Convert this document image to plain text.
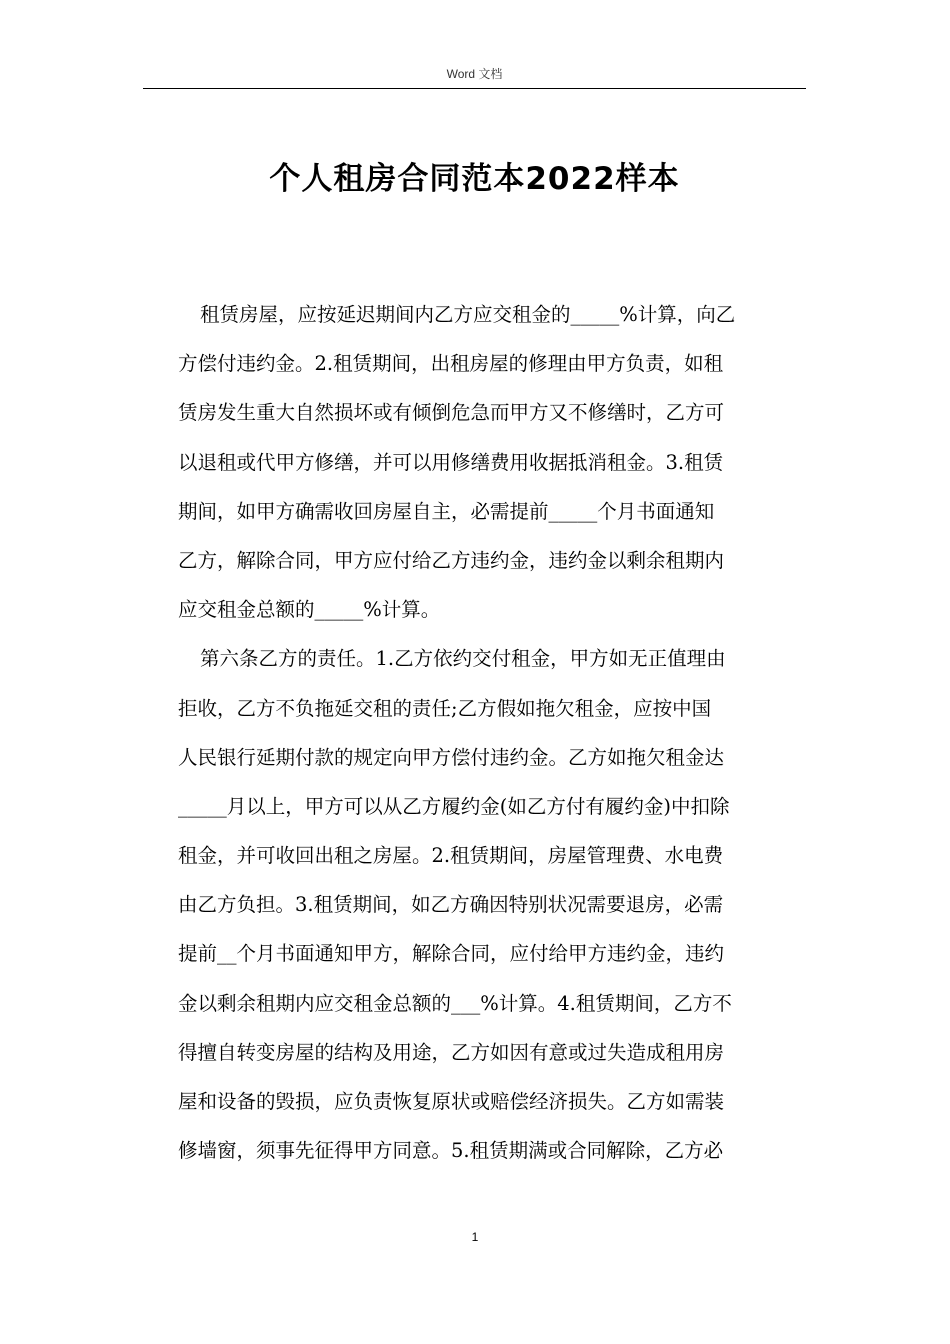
Word 文档
个人租房合同范本2022样本
租赁房屋，应按延迟期间内乙方应交租金的_____%计算，向乙
方偿付违约金。2.租赁期间，出租房屋的修理由甲方负责，如租
赁房发生重大自然损坏或有倾倒危急而甲方又不修缮时，乙方可
以退租或代甲方修缮，并可以用修缮费用收据抵消租金。3.租赁
期间，如甲方确需收回房屋自主，必需提前_____个月书面通知
乙方，解除合同，甲方应付给乙方违约金，违约金以剩余租期内
应交租金总额的_____%计算。
第六条乙方的责任。1.乙方依约交付租金，甲方如无正值理由
拒收，乙方不负拖延交租的责任;乙方假如拖欠租金，应按中国
人民银行延期付款的规定向甲方偿付违约金。乙方如拖欠租金达
_____月以上，甲方可以从乙方履约金(如乙方付有履约金)中扣除
租金，并可收回出租之房屋。2.租赁期间，房屋管理费、水电费
由乙方负担。3.租赁期间，如乙方确因特别状况需要退房，必需
提前__个月书面通知甲方，解除合同，应付给甲方违约金，违约
金以剩余租期内应交租金总额的___%计算。4.租赁期间，乙方不
得擅自转变房屋的结构及用途，乙方如因有意或过失造成租用房
屋和设备的毁损，应负责恢复原状或赔偿经济损失。乙方如需装
修墙窗，须事先征得甲方同意。5.租赁期满或合同解除，乙方必
1
